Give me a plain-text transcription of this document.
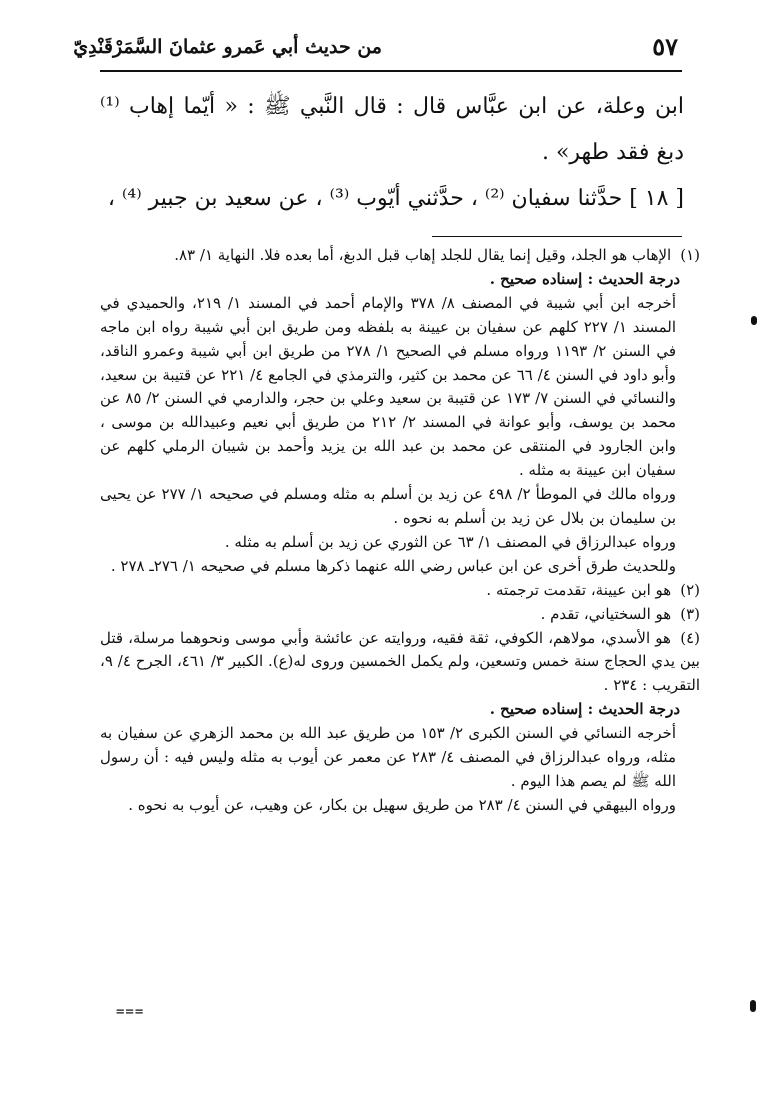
٥٧
من حديث أبي عَمرو عثمانَ السَّمَرْقَنْدِيّ

ابن وعلة، عن ابن عبَّاس قال : قال النَّبي ﷺ : « أيّما إهاب ⁽¹⁾ دبغ فقد طهر» .

[ ١٨ ] حدَّثنا سفيان ⁽²⁾ ، حدَّثني أيّوب ⁽³⁾ ، عن سعيد بن جبير ⁽⁴⁾ ،

(١) الإهاب هو الجلد، وقيل إنما يقال للجلد إهاب قبل الدبغ، أما بعده فلا. النهاية ١/ ٨٣.

درجة الحديث : إسناده صحيح .

أخرجه ابن أبي شيبة في المصنف ٨/ ٣٧٨ والإمام أحمد في المسند ١/ ٢١٩، والحميدي في المسند ١/ ٢٢٧ كلهم عن سفيان بن عيينة به بلفظه ومن طريق ابن أبي شيبة رواه ابن ماجه في السنن ٢/ ١١٩٣ ورواه مسلم في الصحيح ١/ ٢٧٨ من طريق ابن أبي شيبة وعمرو الناقد، وأبو داود في السنن ٤/ ٦٦ عن محمد بن كثير، والترمذي في الجامع ٤/ ٢٢١ عن قتيبة بن سعيد، والنسائي في السنن ٧/ ١٧٣ عن قتيبة بن سعيد وعلي بن حجر، والدارمي في السنن ٢/ ٨٥ عن محمد بن يوسف، وأبو عوانة في المسند ٢/ ٢١٢ من طريق أبي نعيم وعبيدالله بن موسى ، وابن الجارود في المنتقى عن محمد بن عبد الله بن يزيد وأحمد بن شيبان الرملي كلهم عن سفيان ابن عيينة به مثله .

ورواه مالك في الموطأ ٢/ ٤٩٨ عن زيد بن أسلم به مثله ومسلم في صحيحه ١/ ٢٧٧ عن يحيى بن سليمان بن بلال عن زيد بن أسلم به نحوه .

ورواه عبدالرزاق في المصنف ١/ ٦٣ عن الثوري عن زيد بن أسلم به مثله .

وللحديث طرق أخرى عن ابن عباس رضي الله عنهما ذكرها مسلم في صحيحه ١/ ٢٧٦ـ ٢٧٨ .

(٢) هو ابن عيينة، تقدمت ترجمته .

(٣) هو السختياني، تقدم .

(٤) هو الأسدي، مولاهم، الكوفي، ثقة فقيه، وروايته عن عائشة وأبي موسى ونحوهما مرسلة، قتل بين يدي الحجاج سنة خمس وتسعين، ولم يكمل الخمسين وروى له(ع). الكبير ٣/ ٤٦١، الجرح ٤/ ٩، التقريب : ٢٣٤ .

درجة الحديث : إسناده صحيح .

أخرجه النسائي في السنن الكبرى ٢/ ١٥٣ من طريق عبد الله بن محمد الزهري عن سفيان به مثله، ورواه عبدالرزاق في المصنف ٤/ ٢٨٣ عن معمر عن أيوب به مثله وليس فيه : أن رسول الله ﷺ لم يصم هذا اليوم .

ورواه البيهقي في السنن ٤/ ٢٨٣ من طريق سهيل بن بكار، عن وهيب، عن أيوب به نحوه .

===
